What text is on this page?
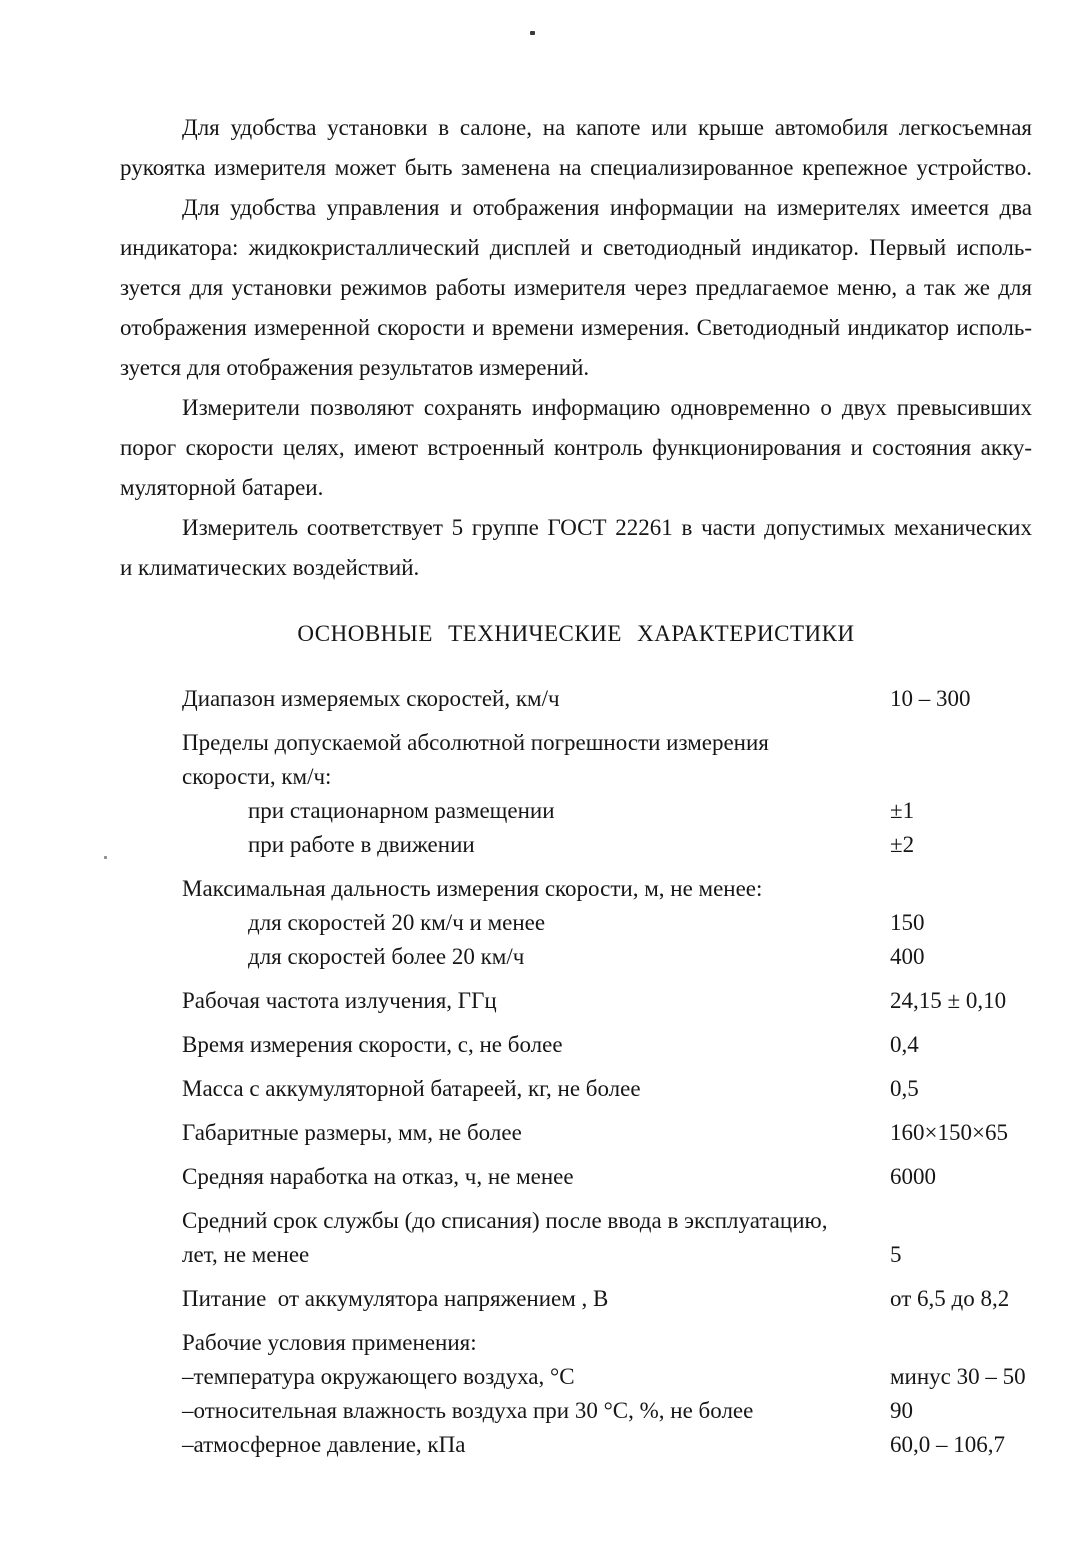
Для удобства установки в салоне, на капоте или крыше автомобиля легкосъемная
рукоятка измерителя может быть заменена на специализированное крепежное устройство.
Для удобства управления и отображения информации на измерителях имеется два
индикатора: жидкокристаллический дисплей и светодиодный индикатор. Первый исполь-
зуется для установки режимов работы измерителя через предлагаемое меню, а так же для
отображения измеренной скорости и времени измерения. Светодиодный индикатор исполь-
зуется для отображения результатов измерений.
Измерители позволяют сохранять информацию одновременно о двух превысивших
порог скорости целях, имеют встроенный контроль функционирования и состояния акку-
муляторной батареи.
Измеритель соответствует 5 группе ГОСТ 22261 в части допустимых механических
и климатических воздействий.
ОСНОВНЫЕ ТЕХНИЧЕСКИЕ ХАРАКТЕРИСТИКИ
Диапазон измеряемых скоростей, км/ч	10 – 300
Пределы допускаемой абсолютной погрешности измерения
скорости, км/ч:
при стационарном размещении	±1
при работе в движении	±2
Максимальная дальность измерения скорости, м, не менее:
для скоростей 20 км/ч и менее	150
для скоростей более 20 км/ч	400
Рабочая частота излучения, ГГц	24,15 ± 0,10
Время измерения скорости, с, не более	0,4
Масса с аккумуляторной батареей, кг, не более	0,5
Габаритные размеры, мм, не более	160×150×65
Средняя наработка на отказ, ч, не менее	6000
Средний срок службы (до списания) после ввода в эксплуатацию,
лет, не менее	5
Питание  от аккумулятора напряжением , В	от 6,5 до 8,2
Рабочие условия применения:
–температура окружающего воздуха, °С	минус 30 – 50
–относительная влажность воздуха при 30 °С, %, не более	90
–атмосферное давление, кПа	60,0 – 106,7
